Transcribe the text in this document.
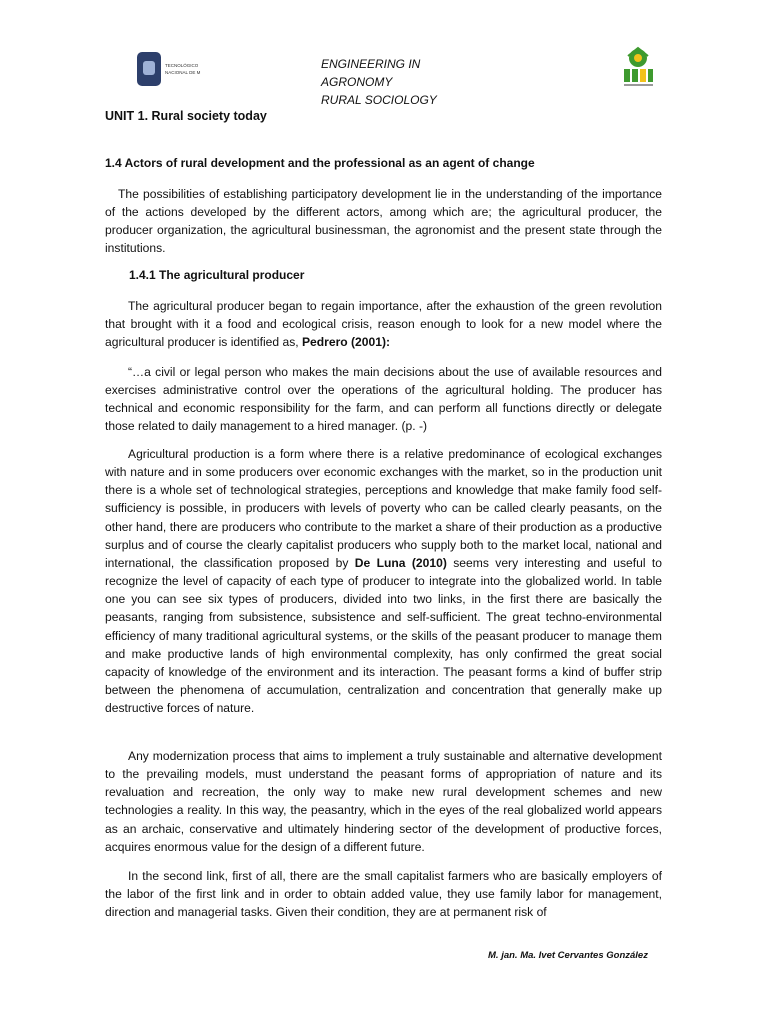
TECNOLÓGICO
NACIONAL DE M
ENGINEERING IN
AGRONOMY
RURAL SOCIOLOGY
UNIT 1. Rural society today
1.4 Actors of rural development and the professional as an agent of change

The possibilities of establishing participatory development lie in the understanding of the importance of the actions developed by the different actors, among which are; the agricultural producer, the producer organization, the agricultural businessman, the agronomist and the present state through the institutions.

1.4.1 The agricultural producer

The agricultural producer began to regain importance, after the exhaustion of the green revolution that brought with it a food and ecological crisis, reason enough to look for a new model where the agricultural producer is identified as, Pedrero (2001):

“…a civil or legal person who makes the main decisions about the use of available resources and exercises administrative control over the operations of the agricultural holding. The producer has technical and economic responsibility for the farm, and can perform all functions directly or delegate those related to daily management to a hired manager. (p. -)

Agricultural production is a form where there is a relative predominance of ecological exchanges with nature and in some producers over economic exchanges with the market, so in the production unit there is a whole set of technological strategies, perceptions and knowledge that make family food self-sufficiency is possible, in producers with levels of poverty who can be called clearly peasants, on the other hand, there are producers who contribute to the market a share of their production as a productive surplus and of course the clearly capitalist producers who supply both to the market local, national and international, the classification proposed by De Luna (2010) seems very interesting and useful to recognize the level of capacity of each type of producer to integrate into the globalized world. In table one you can see six types of producers, divided into two links, in the first there are basically the peasants, ranging from subsistence, subsistence and self-sufficient. The great techno-environmental efficiency of many traditional agricultural systems, or the skills of the peasant producer to manage them and make productive lands of high environmental complexity, has only confirmed the great social capacity of knowledge of the environment and its interaction. The peasant forms a kind of buffer strip between the phenomena of accumulation, centralization and concentration that generally make up destructive forces of nature.

Any modernization process that aims to implement a truly sustainable and alternative development to the prevailing models, must understand the peasant forms of appropriation of nature and its revaluation and recreation, the only way to make new rural development schemes and new technologies a reality. In this way, the peasantry, which in the eyes of the real globalized world appears as an archaic, conservative and ultimately hindering sector of the development of productive forces, acquires enormous value for the design of a different future.

In the second link, first of all, there are the small capitalist farmers who are basically employers of the labor of the first link and in order to obtain added value, they use family labor for management, direction and managerial tasks. Given their condition, they are at permanent risk of

M. jan. Ma. Ivet Cervantes González
